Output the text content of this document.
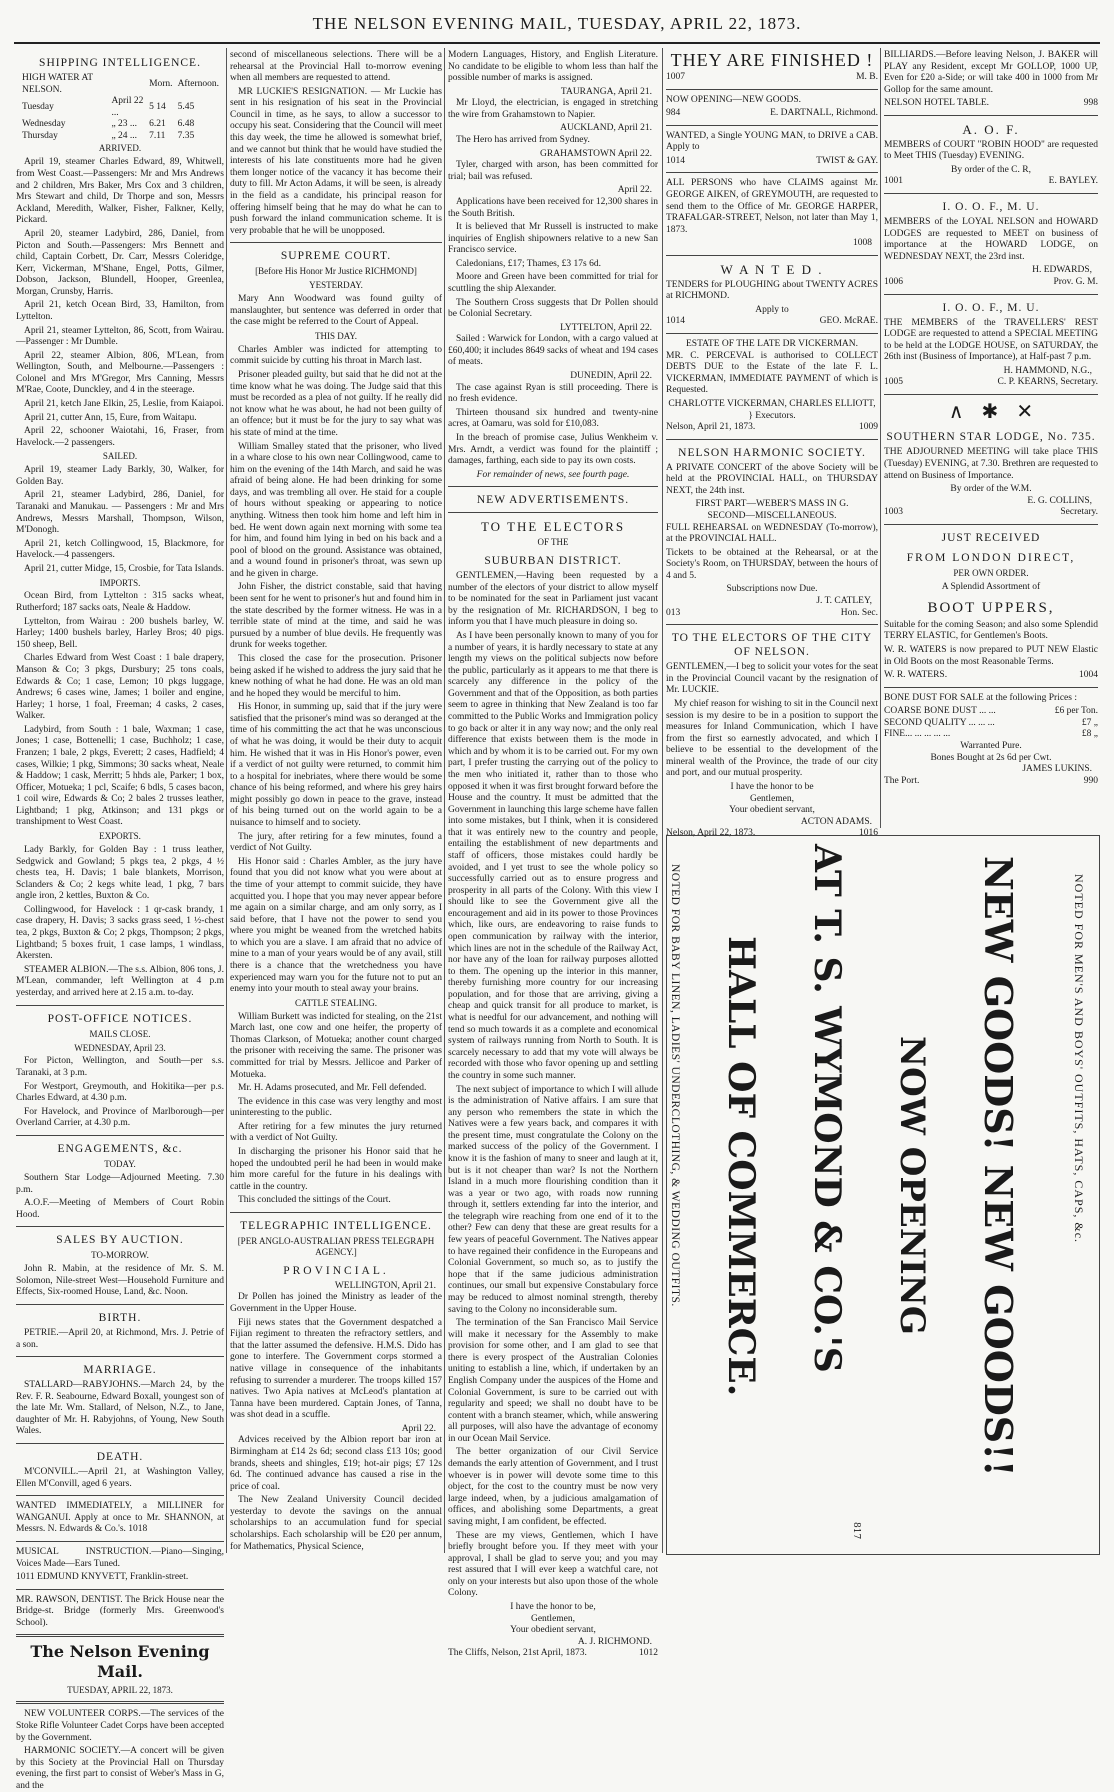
THE NELSON EVENING MAIL, TUESDAY, APRIL 22, 1873.
SHIPPING INTELLIGENCE.
HIGH WATER AT NELSON.		Morn.	Afternoon.
Tuesday	April 22 ...	5 14	5.45
Wednesday	„ 23 ...	6.21	6.48
Thursday	„ 24 ...	7.11	7.35
ARRIVED.

April 19, steamer Charles Edward, 89, Whitwell, from West Coast.—Passengers: Mr and Mrs Andrews and 2 children, Mrs Baker, Mrs Cox and 3 children, Mrs Stewart and child, Dr Thorpe and son, Messrs Ackland, Meredith, Walker, Fisher, Falkner, Kelly, Pickard.

April 20, steamer Ladybird, 286, Daniel, from Picton and South.—Passengers: Mrs Bennett and child, Captain Corbett, Dr. Carr, Messrs Coleridge, Kerr, Vickerman, M'Shane, Engel, Potts, Gilmer, Dobson, Jackson, Blundell, Hooper, Greenlea, Morgan, Crunsby, Harris.

April 21, ketch Ocean Bird, 33, Hamilton, from Lyttelton.

April 21, steamer Lyttelton, 86, Scott, from Wairau.—Passenger : Mr Dumble.

April 22, steamer Albion, 806, M'Lean, from Wellington, South, and Melbourne.—Passengers : Colonel and Mrs M'Gregor, Mrs Canning, Messrs M'Rae, Coote, Dunckley, and 4 in the steerage.

April 21, ketch Jane Elkin, 25, Leslie, from Kaiapoi.

April 21, cutter Ann, 15, Eure, from Waitapu.

April 22, schooner Waiotahi, 16, Fraser, from Havelock.—2 passengers.

SAILED.

April 19, steamer Lady Barkly, 30, Walker, for Golden Bay.

April 21, steamer Ladybird, 286, Daniel, for Taranaki and Manukau. — Passengers : Mr and Mrs Andrews, Messrs Marshall, Thompson, Wilson, M'Donogh.

April 21, ketch Collingwood, 15, Blackmore, for Havelock.—4 passengers.

April 21, cutter Midge, 15, Crosbie, for Tata Islands.

IMPORTS.

Ocean Bird, from Lyttelton : 315 sacks wheat, Rutherford; 187 sacks oats, Neale & Haddow.

Lyttelton, from Wairau : 200 bushels barley, W. Harley; 1400 bushels barley, Harley Bros; 40 pigs. 150 sheep, Bell.

Charles Edward from West Coast : 1 bale drapery, Manson & Co; 3 pkgs, Dursbury; 25 tons coals, Edwards & Co; 1 case, Lemon; 10 pkgs luggage, Andrews; 6 cases wine, James; 1 boiler and engine, Harley; 1 horse, 1 foal, Freeman; 4 casks, 2 cases, Walker.

Ladybird, from South : 1 bale, Waxman; 1 case, Jones; 1 case, Bottenelli; 1 case, Buchholz; 1 case, Franzen; 1 bale, 2 pkgs, Everett; 2 cases, Hadfield; 4 cases, Wilkie; 1 pkg, Simmons; 30 sacks wheat, Neale & Haddow; 1 cask, Merritt; 5 hhds ale, Parker; 1 box, Officer, Motueka; 1 pcl, Scaife; 6 bdls, 5 cases bacon, 1 coil wire, Edwards & Co; 2 bales 2 trusses leather, Lightband; 1 pkg, Atkinson; and 131 pkgs or transhipment to West Coast.

EXPORTS.

Lady Barkly, for Golden Bay : 1 truss leather, Sedgwick and Gowland; 5 pkgs tea, 2 pkgs, 4 ½ chests tea, H. Davis; 1 bale blankets, Morrison, Sclanders & Co; 2 kegs white lead, 1 pkg, 7 bars angle iron, 2 kettles, Buxton & Co.

Collingwood, for Havelock : 1 qr-cask brandy, 1 case drapery, H. Davis; 3 sacks grass seed, 1 ½-chest tea, 2 pkgs, Buxton & Co; 2 pkgs, Thompson; 2 pkgs, Lightband; 5 boxes fruit, 1 case lamps, 1 windlass, Akersten.

STEAMER ALBION.—The s.s. Albion, 806 tons, J. M'Lean, commander, left Wellington at 4 p.m yesterday, and arrived here at 2.15 a.m. to-day.

POST-OFFICE NOTICES.
MAILS CLOSE.
WEDNESDAY, April 23.

For Picton, Wellington, and South—per s.s. Taranaki, at 3 p.m.

For Westport, Greymouth, and Hokitika—per p.s. Charles Edward, at 4.30 p.m.

For Havelock, and Province of Marlborough—per Overland Carrier, at 4.30 p.m.

ENGAGEMENTS, &c.
TODAY.

Southern Star Lodge—Adjourned Meeting. 7.30 p.m.

A.O.F.—Meeting of Members of Court Robin Hood.

SALES BY AUCTION.
TO-MORROW.

John R. Mabin, at the residence of Mr. S. M. Solomon, Nile-street West—Household Furniture and Effects, Six-roomed House, Land, &c. Noon.

BIRTH.

PETRIE.—April 20, at Richmond, Mrs. J. Petrie of a son.

MARRIAGE.

STALLARD—RABYJOHNS.—March 24, by the Rev. F. R. Seabourne, Edward Boxall, youngest son of the late Mr. Wm. Stallard, of Nelson, N.Z., to Jane, daughter of Mr. H. Rabyjohns, of Young, New South Wales.

DEATH.

M'CONVILL.—April 21, at Washington Valley, Ellen M'Convill, aged 6 years.

WANTED IMMEDIATELY, a MILLINER for WANGANUI. Apply at once to Mr. SHANNON, at Messrs. N. Edwards & Co.'s. 1018

MUSICAL INSTRUCTION.—Piano—Singing, Voices Made—Ears Tuned.

1011 EDMUND KNYVETT, Franklin-street.

MR. RAWSON, DENTIST. The Brick House near the Bridge-st. Bridge (formerly Mrs. Greenwood's School).

The Nelson Evening Mail.
TUESDAY, APRIL 22, 1873.

NEW VOLUNTEER CORPS.—The services of the Stoke Rifle Volunteer Cadet Corps have been accepted by the Government.

HARMONIC SOCIETY.—A concert will be given by this Society at the Provincial Hall on Thursday evening, the first part to consist of Weber's Mass in G, and the

second of miscellaneous selections. There will be a rehearsal at the Provincial Hall to-morrow evening when all members are requested to attend.

MR LUCKIE'S RESIGNATION. — Mr Luckie has sent in his resignation of his seat in the Provincial Council in time, as he says, to allow a successor to occupy his seat. Considering that the Council will meet this day week, the time he allowed is somewhat brief, and we cannot but think that he would have studied the interests of his late constituents more had he given them longer notice of the vacancy it has become their duty to fill. Mr Acton Adams, it will be seen, is already in the field as a candidate, his principal reason for offering himself being that he may do what he can to push forward the inland communication scheme. It is very probable that he will be unopposed.

SUPREME COURT.
[Before His Honor Mr Justice RICHMOND]
YESTERDAY.

Mary Ann Woodward was found guilty of manslaughter, but sentence was deferred in order that the case might be referred to the Court of Appeal.

THIS DAY.

Charles Ambler was indicted for attempting to commit suicide by cutting his throat in March last.

Prisoner pleaded guilty, but said that he did not at the time know what he was doing. The Judge said that this must be recorded as a plea of not guilty. If he really did not know what he was about, he had not been guilty of an offence; but it must be for the jury to say what was his state of mind at the time.

William Smalley stated that the prisoner, who lived in a whare close to his own near Collingwood, came to him on the evening of the 14th March, and said he was afraid of being alone. He had been drinking for some days, and was trembling all over. He staid for a couple of hours without speaking or appearing to notice anything. Witness then took him home and left him in bed. He went down again next morning with some tea for him, and found him lying in bed on his back and a pool of blood on the ground. Assistance was obtained, and a wound found in prisoner's throat, was sewn up and he given in charge.

John Fisher, the district constable, said that having been sent for he went to prisoner's hut and found him in the state described by the former witness. He was in a terrible state of mind at the time, and said he was pursued by a number of blue devils. He frequently was drunk for weeks together.

This closed the case for the prosecution. Prisoner being asked if he wished to address the jury said that he knew nothing of what he had done. He was an old man and he hoped they would be merciful to him.

His Honor, in summing up, said that if the jury were satisfied that the prisoner's mind was so deranged at the time of his committing the act that he was unconscious of what he was doing, it would be their duty to acquit him. He wished that it was in His Honor's power, even if a verdict of not guilty were returned, to commit him to a hospital for inebriates, where there would be some chance of his being reformed, and where his grey hairs might possibly go down in peace to the grave, instead of his being turned out on the world again to be a nuisance to himself and to society.

The jury, after retiring for a few minutes, found a verdict of Not Guilty.

His Honor said : Charles Ambler, as the jury have found that you did not know what you were about at the time of your attempt to commit suicide, they have acquitted you. I hope that you may never appear before me again on a similar charge, and am only sorry, as I said before, that I have not the power to send you where you might be weaned from the wretched habits to which you are a slave. I am afraid that no advice of mine to a man of your years would be of any avail, still there is a chance that the wretchedness you have experienced may warn you for the future not to put an enemy into your mouth to steal away your brains.

CATTLE STEALING.

William Burkett was indicted for stealing, on the 21st March last, one cow and one heifer, the property of Thomas Clarkson, of Motueka; another count charged the prisoner with receiving the same. The prisoner was committed for trial by Messrs. Jellicoe and Parker of Motueka.

Mr. H. Adams prosecuted, and Mr. Fell defended.

The evidence in this case was very lengthy and most uninteresting to the public.

After retiring for a few minutes the jury returned with a verdict of Not Guilty.

In discharging the prisoner his Honor said that he hoped the undoubted peril he had been in would make him more careful for the future in his dealings with cattle in the country.

This concluded the sittings of the Court.

TELEGRAPHIC INTELLIGENCE.
[PER ANGLO-AUSTRALIAN PRESS TELEGRAPH AGENCY.]
PROVINCIAL.
WELLINGTON, April 21.

Dr Pollen has joined the Ministry as leader of the Government in the Upper House.

Fiji news states that the Government despatched a Fijian regiment to threaten the refractory settlers, and that the latter assumed the defensive. H.M.S. Dido has gone to interfere. The Government corps stormed a native village in consequence of the inhabitants refusing to surrender a murderer. The troops killed 157 natives. Two Apia natives at McLeod's plantation at Tanna have been murdered. Captain Jones, of Tanna, was shot dead in a scuffle.

April 22.

Advices received by the Albion report bar iron at Birmingham at £14 2s 6d; second class £13 10s; good brands, sheets and shingles, £19; hot-air pigs; £7 12s 6d. The continued advance has caused a rise in the price of coal.

The New Zealand University Council decided yesterday to devote the savings on the annual scholarships to an accumulation fund for special scholarships. Each scholarship will be £20 per annum, for Mathematics, Physical Science,

Modern Languages, History, and English Literature. No candidate to be eligible to whom less than half the possible number of marks is assigned.

TAURANGA, April 21.

Mr Lloyd, the electrician, is engaged in stretching the wire from Grahamstown to Napier.

AUCKLAND, April 21.

The Hero has arrived from Sydney.

GRAHAMSTOWN April 22.

Tyler, charged with arson, has been committed for trial; bail was refused.

April 22.

Applications have been received for 12,300 shares in the South British.

It is believed that Mr Russell is instructed to make inquiries of English shipowners relative to a new San Francisco service.

Caledonians, £17; Thames, £3 17s 6d.

Moore and Green have been committed for trial for scuttling the ship Alexander.

The Southern Cross suggests that Dr Pollen should be Colonial Secretary.

LYTTELTON, April 22.

Sailed : Warwick for London, with a cargo valued at £60,400; it includes 8649 sacks of wheat and 194 cases of meats.

DUNEDIN, April 22.

The case against Ryan is still proceeding. There is no fresh evidence.

Thirteen thousand six hundred and twenty-nine acres, at Oamaru, was sold for £10,083.

In the breach of promise case, Julius Wenkheim v. Mrs. Arndt, a verdict was found for the plaintiff ; damages, farthing, each side to pay its own costs.

For remainder of news, see fourth page.
NEW ADVERTISEMENTS.
TO THE ELECTORS
OF THE
SUBURBAN DISTRICT.

GENTLEMEN,—Having been requested by a number of the electors of your district to allow myself to be nominated for the seat in Parliament just vacant by the resignation of Mr. RICHARDSON, I beg to inform you that I have much pleasure in doing so.

As I have been personally known to many of you for a number of years, it is hardly necessary to state at any length my views on the political subjects now before the public, particularly as it appears to me that there is scarcely any difference in the policy of the Government and that of the Opposition, as both parties seem to agree in thinking that New Zealand is too far committed to the Public Works and Immigration policy to go back or alter it in any way now; and the only real difference that exists between them is the mode in which and by whom it is to be carried out. For my own part, I prefer trusting the carrying out of the policy to the men who initiated it, rather than to those who opposed it when it was first brought forward before the House and the country. It must be admitted that the Government in launching this large scheme have fallen into some mistakes, but I think, when it is considered that it was entirely new to the country and people, entailing the establishment of new departments and staff of officers, those mistakes could hardly be avoided, and I yet trust to see the whole policy so successfully carried out as to ensure progress and prosperity in all parts of the Colony. With this view I should like to see the Government give all the encouragement and aid in its power to those Provinces which, like ours, are endeavoring to raise funds to open communication by railway with the interior, which lines are not in the schedule of the Railway Act, nor have any of the loan for railway purposes allotted to them. The opening up the interior in this manner, thereby furnishing more country for our increasing population, and for those that are arriving, giving a cheap and quick transit for all produce to market, is what is needful for our advancement, and nothing will tend so much towards it as a complete and economical system of railways running from North to South. It is scarcely necessary to add that my vote will always be recorded with those who favor opening up and settling the country in some such manner.

The next subject of importance to which I will allude is the administration of Native affairs. I am sure that any person who remembers the state in which the Natives were a few years back, and compares it with the present time, must congratulate the Colony on the marked success of the policy of the Government. I know it is the fashion of many to sneer and laugh at it, but is it not cheaper than war? Is not the Northern Island in a much more flourishing condition than it was a year or two ago, with roads now running through it, settlers extending far into the interior, and the telegraph wire reaching from one end of it to the other? Few can deny that these are great results for a few years of peaceful Government. The Natives appear to have regained their confidence in the Europeans and Colonial Government, so much so, as to justify the hope that if the same judicious administration continues, our small but expensive Constabulary force may be reduced to almost nominal strength, thereby saving to the Colony no inconsiderable sum.

The termination of the San Francisco Mail Service will make it necessary for the Assembly to make provision for some other, and I am glad to see that there is every prospect of the Australian Colonies uniting to establish a line, which, if undertaken by an English Company under the auspices of the Home and Colonial Government, is sure to be carried out with regularity and speed; we shall no doubt have to be content with a branch steamer, which, while answering all purposes, will also have the advantage of economy in our Ocean Mail Service.

The better organization of our Civil Service demands the early attention of Government, and I trust whoever is in power will devote some time to this object, for the cost to the country must be now very large indeed, when, by a judicious amalgamation of offices, and abolishing some Departments, a great saving might, I am confident, be effected.

These are my views, Gentlemen, which I have briefly brought before you. If they meet with your approval, I shall be glad to serve you; and you may rest assured that I will ever keep a watchful care, not only on your interests but also upon those of the whole Colony.

I have the honor to be,
Gentlemen,
Your obedient servant,
A. J. RICHMOND.
The Cliffs, Nelson, 21st April, 1873.	1012
THEY ARE FINISHED !
1007	M. B.

NOW OPENING—NEW GOODS.

984	E. DARTNALL, Richmond.

WANTED, a Single YOUNG MAN, to DRIVE a CAB. Apply to

1014	TWIST & GAY.

ALL PERSONS who have CLAIMS against Mr. GEORGE AIKEN, of GREYMOUTH, are requested to send them to the Office of Mr. GEORGE HARPER, TRAFALGAR-STREET, Nelson, not later than May 1, 1873.

1008
W A N T E D .

TENDERS for PLOUGHING about TWENTY ACRES at RICHMOND.

Apply to
1014	GEO. McRAE.
ESTATE OF THE LATE DR VICKERMAN.

MR. C. PERCEVAL is authorised to COLLECT DEBTS DUE to the Estate of the late F. L. VICKERMAN, IMMEDIATE PAYMENT of which is Requested.

CHARLOTTE VICKERMAN, CHARLES ELLIOTT, } Executors.
Nelson, April 21, 1873.	1009
NELSON HARMONIC SOCIETY.

A PRIVATE CONCERT of the above Society will be held at the PROVINCIAL HALL, on THURSDAY NEXT, the 24th inst.

FIRST PART—WEBER'S MASS IN G.
SECOND—MISCELLANEOUS.

FULL REHEARSAL on WEDNESDAY (To-morrow), at the PROVINCIAL HALL.

Tickets to be obtained at the Rehearsal, or at the Society's Room, on THURSDAY, between the hours of 4 and 5.

Subscriptions now Due.
J. T. CATLEY,
013	Hon. Sec.
TO THE ELECTORS OF THE CITY OF NELSON.

GENTLEMEN,—I beg to solicit your votes for the seat in the Provincial Council vacant by the resignation of Mr. LUCKIE.

My chief reason for wishing to sit in the Council next session is my desire to be in a position to support the measures for Inland Communication, which I have from the first so earnestly advocated, and which I believe to be essential to the development of the mineral wealth of the Province, the trade of our city and port, and our mutual prosperity.

I have the honor to be
Gentlemen,
Your obedient servant,
ACTON ADAMS.
Nelson, April 22, 1873.	1016

BILLIARDS.—Before leaving Nelson, J. BAKER will PLAY any Resident, except Mr GOLLOP, 1000 UP, Even for £20 a-Side; or will take 400 in 1000 from Mr Gollop for the same amount.

NELSON HOTEL TABLE.	998
A. O. F.

MEMBERS of COURT "ROBIN HOOD" are requested to Meet THIS (Tuesday) EVENING.

By order of the C. R,
1001	E. BAYLEY.
I. O. O. F., M. U.

MEMBERS of the LOYAL NELSON and HOWARD LODGES are requested to MEET on business of importance at the HOWARD LODGE, on WEDNESDAY NEXT, the 23rd inst.

H. EDWARDS,
1006	Prov. G. M.
I. O. O. F., M. U.

THE MEMBERS of the TRAVELLERS' REST LODGE are requested to attend a SPECIAL MEETING to be held at the LODGE HOUSE, on SATURDAY, the 26th inst (Business of Importance), at Half-past 7 p.m.

H. HAMMOND, N.G.,
1005	C. P. KEARNS, Secretary.
∧ ✱ ✕
SOUTHERN STAR LODGE, No. 735.

THE ADJOURNED MEETING will take place THIS (Tuesday) EVENING, at 7.30. Brethren are requested to attend on Business of Importance.

By order of the W.M.
E. G. COLLINS,
1003	Secretary.
JUST RECEIVED
FROM LONDON DIRECT,
PER OWN ORDER.
A Splendid Assortment of
BOOT UPPERS,

Suitable for the coming Season; and also some Splendid TERRY ELASTIC, for Gentlemen's Boots.

W. R. WATERS is now prepared to PUT NEW Elastic in Old Boots on the most Reasonable Terms.

W. R. WATERS.	1004

BONE DUST FOR SALE at the following Prices :

COARSE BONE DUST ... ...	£6 per Ton.
SECOND QUALITY ... ... ...	£7 „
FINE... ... ... ... ...	£8 „
Warranted Pure.
Bones Bought at 2s 6d per Cwt.
JAMES LUKINS.
The Port.	990
NOTED FOR MEN'S AND BOYS' OUTFITS, HATS, CAPS, &c.
NEW GOODS! NEW GOODS!!
NOW OPENING
AT T. S. WYMOND & CO.'S
HALL OF COMMERCE.
NOTED FOR BABY LINEN, LADIES' UNDERCLOTHING, & WEDDING OUTFITS.
817
